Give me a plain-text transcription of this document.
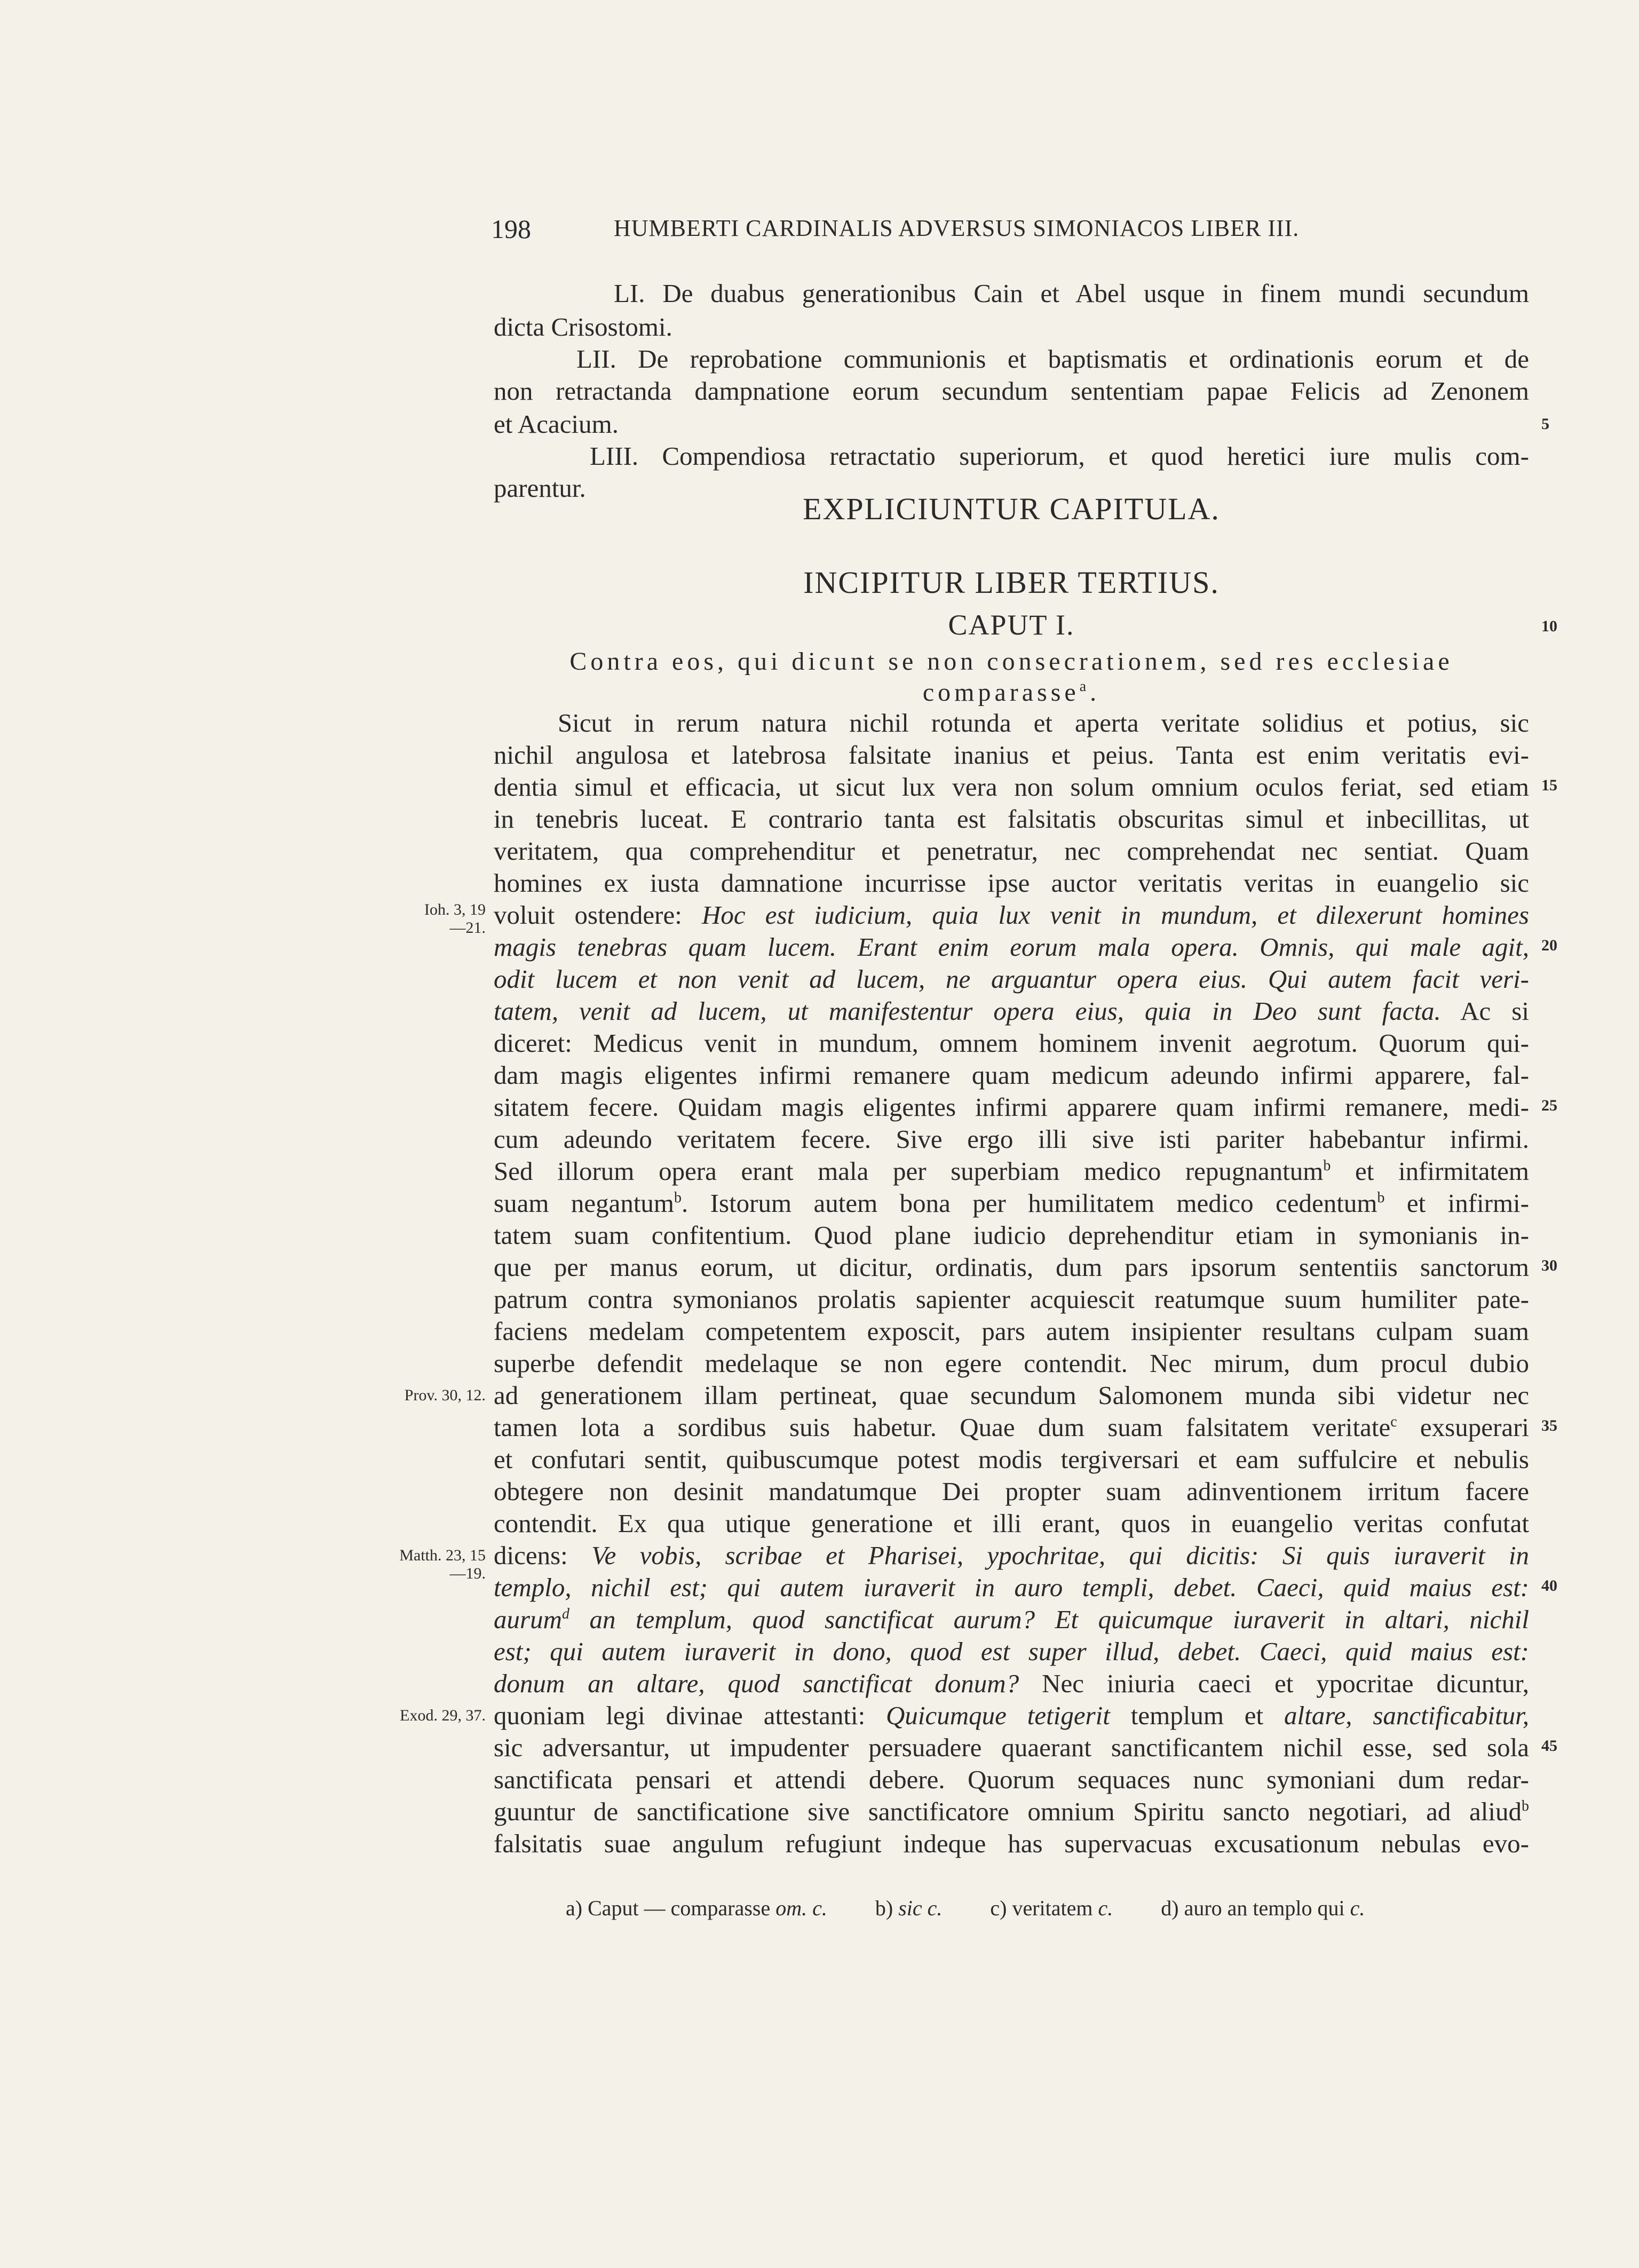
198	HUMBERTI CARDINALIS ADVERSUS SIMONIACOS LIBER III.
LI. De duabus generationibus Cain et Abel usque in finem mundi secundum
dicta Crisostomi.
LII. De reprobatione communionis et baptismatis et ordinationis eorum et de
non retractanda dampnatione eorum secundum sententiam papae Felicis ad Zenonem
et Acacium.
LIII. Compendiosa retractatio superiorum, et quod heretici iure mulis com-
parentur.
EXPLICIUNTUR CAPITULA.
INCIPITUR LIBER TERTIUS.
CAPUT I.
Contra eos, qui dicunt se non consecrationem, sed res ecclesiae
comparasse$^a$.
Sicut in rerum natura nichil rotunda et aperta veritate solidius et potius, sic
nichil angulosa et latebrosa falsitate inanius et peius. Tanta est enim veritatis evi-
dentia simul et efficacia, ut sicut lux vera non solum omnium oculos feriat, sed etiam
in tenebris luceat. E contrario tanta est falsitatis obscuritas simul et inbecillitas, ut
veritatem, qua comprehenditur et penetratur, nec comprehendat nec sentiat. Quam
homines ex iusta damnatione incurrisse ipse auctor veritatis veritas in euangelio sic
voluit ostendere: Hoc est iudicium, quia lux venit in mundum, et dilexerunt homines
magis tenebras quam lucem. Erant enim eorum mala opera. Omnis, qui male agit,
odit lucem et non venit ad lucem, ne arguantur opera eius. Qui autem facit veri-
tatem, venit ad lucem, ut manifestentur opera eius, quia in Deo sunt facta. Ac si
diceret: Medicus venit in mundum, omnem hominem invenit aegrotum. Quorum qui-
dam magis eligentes infirmi remanere quam medicum adeundo infirmi apparere, fal-
sitatem fecere. Quidam magis eligentes infirmi apparere quam infirmi remanere, medi-
cum adeundo veritatem fecere. Sive ergo illi sive isti pariter habebantur infirmi.
Sed illorum opera erant mala per superbiam medico repugnantum$^b$ et infirmitatem
suam negantum$^b$. Istorum autem bona per humilitatem medico cedentum$^b$ et infirmi-
tatem suam confitentium. Quod plane iudicio deprehenditur etiam in symonianis in-
que per manus eorum, ut dicitur, ordinatis, dum pars ipsorum sententiis sanctorum
patrum contra symonianos prolatis sapienter acquiescit reatumque suum humiliter pate-
faciens medelam competentem exposcit, pars autem insipienter resultans culpam suam
superbe defendit medelaque se non egere contendit. Nec mirum, dum procul dubio
ad generationem illam pertineat, quae secundum Salomonem munda sibi videtur nec
tamen lota a sordibus suis habetur. Quae dum suam falsitatem veritate$^c$ exsuperari
et confutari sentit, quibuscumque potest modis tergiversari et eam suffulcire et nebulis
obtegere non desinit mandatumque Dei propter suam adinventionem irritum facere
contendit. Ex qua utique generatione et illi erant, quos in euangelio veritas confutat
dicens: Ve vobis, scribae et Pharisei, ypochritae, qui dicitis: Si quis iuraverit in
templo, nichil est; qui autem iuraverit in auro templi, debet. Caeci, quid maius est:
aurum$^d$ an templum, quod sanctificat aurum? Et quicumque iuraverit in altari, nichil
est; qui autem iuraverit in dono, quod est super illud, debet. Caeci, quid maius est:
donum an altare, quod sanctificat donum? Nec iniuria caeci et ypocritae dicuntur,
quoniam legi divinae attestanti: Quicumque tetigerit templum et altare, sanctificabitur,
sic adversantur, ut impudenter persuadere quaerant sanctificantem nichil esse, sed sola
sanctificata pensari et attendi debere. Quorum sequaces nunc symoniani dum redar-
guuntur de sanctificatione sive sanctificatore omnium Spiritu sancto negotiari, ad aliud$^b$
falsitatis suae angulum refugiunt indeque has supervacuas excusationum nebulas evo-
5
10
15
20
25
30
35
40
45
Ioh. 3, 19
—21.
Prov. 30, 12.
Matth. 23, 15
—19.
Exod. 29, 37.
a) Caput — comparasse om. c. b) sic c. c) veritatem c. d) auro an templo qui c.
